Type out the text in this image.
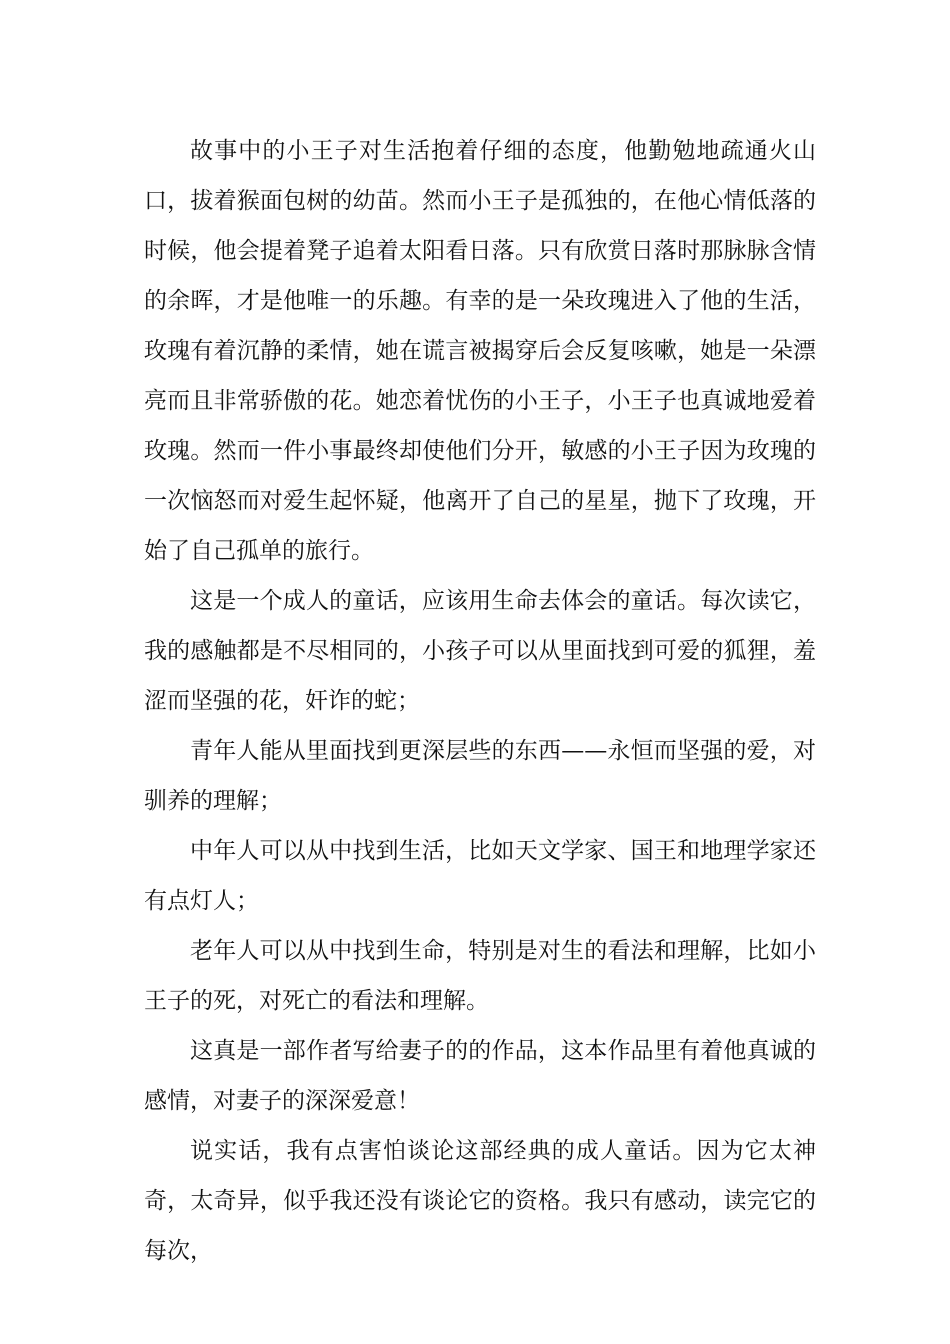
故事中的小王子对生活抱着仔细的态度，他勤勉地疏通火山口，拔着猴面包树的幼苗。然而小王子是孤独的，在他心情低落的时候，他会提着凳子追着太阳看日落。只有欣赏日落时那脉脉含情的余晖，才是他唯一的乐趣。有幸的是一朵玫瑰进入了他的生活，玫瑰有着沉静的柔情，她在谎言被揭穿后会反复咳嗽，她是一朵漂亮而且非常骄傲的花。她恋着忧伤的小王子，小王子也真诚地爱着玫瑰。然而一件小事最终却使他们分开，敏感的小王子因为玫瑰的一次恼怒而对爱生起怀疑，他离开了自己的星星，抛下了玫瑰，开始了自己孤单的旅行。

这是一个成人的童话，应该用生命去体会的童话。每次读它，我的感触都是不尽相同的，小孩子可以从里面找到可爱的狐狸，羞涩而坚强的花，奸诈的蛇；

青年人能从里面找到更深层些的东西——永恒而坚强的爱，对驯养的理解；

中年人可以从中找到生活，比如天文学家、国王和地理学家还有点灯人；

老年人可以从中找到生命，特别是对生的看法和理解，比如小王子的死，对死亡的看法和理解。

这真是一部作者写给妻子的的作品，这本作品里有着他真诚的感情，对妻子的深深爱意！

说实话，我有点害怕谈论这部经典的成人童话。因为它太神奇，太奇异，似乎我还没有谈论它的资格。我只有感动，读完它的每次，
